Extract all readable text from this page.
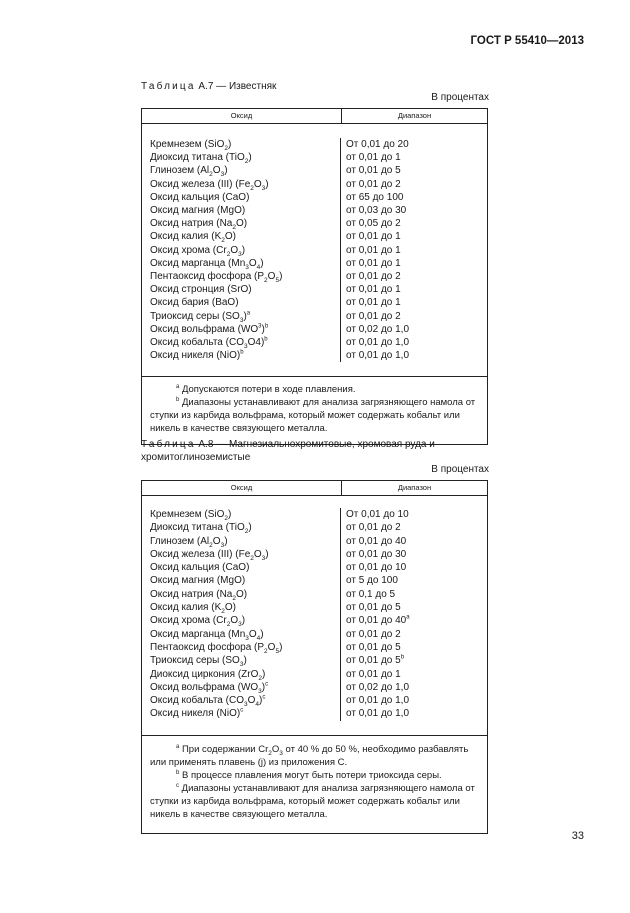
ГОСТ Р 55410—2013
Таблица А.7 — Известняк
В процентах
Оксид	Диапазон
Кремнезем (SiO$_2$)
Диоксид титана (TiO$_2$)
Глинозем $(Al_2O_3)$
Оксид железа (III) $(Fe_2O_3)$
Оксид кальция (CaO)
Оксид магния (MgO)
Оксид натрия $(Na_2O)$
Оксид калия $(K_2O)$
Оксид хрома $(Cr_2O_3)$
Оксид марганца $(Mn_3O_4)$
Пентаоксид фосфора $(P_2O_5)$
Оксид стронция (SrO)
Оксид бария (BaO)
Триоксид серы $(SO_3)^a$
Оксид вольфрама $(WO^3)^b$
Оксид кобальта $(CO_3O4)^b$
Оксид никеля (NiO)$^b$
От 0,01 до 20
от 0,01 до 1
от 0,01 до 5
от 0,01 до 2
от 65 до 100
от 0,03 до 30
от 0,05 до 2
от 0,01 до 1
от 0,01 до 1
от 0,01 до 1
от 0,01 до 2
от 0,01 до 1
от 0,01 до 1
от 0,01 до 2
от 0,02 до 1,0
от 0,01 до 1,0
от 0,01 до 1,0
$^a$ Допускаются потери в ходе плавления.
$^b$ Диапазоны устанавливают для анализа загрязняющего намола от ступки из карбида вольфрама, который может содержать кобальт или никель в качестве связующего металла.
Таблица А.8 — Магнезиальнохромитовые, хромовая руда и хромитоглиноземистые
В процентах
Оксид	Диапазон
Кремнезем (SiO$_2$)
Диоксид титана (TiO$_2$)
Глинозем $(Al_2O_3)$
Оксид железа (III) $(Fe_2O_3)$
Оксид кальция (CaO)
Оксид магния (MgO)
Оксид натрия $(Na_2O)$
Оксид калия $(K_2O)$
Оксид хрома $(Cr_2O_3)$
Оксид марганца $(Mn_3O_4)$
Пентаоксид фосфора $(P_2O_5)$
Триоксид серы $(SO_3)$
Диоксид циркония (ZrO$_2$)
Оксид вольфрама $(WO_3)^c$
Оксид кобальта $(CO_3O_4)^c$
Оксид никеля (NiO)$^c$
От 0,01 до 10
от 0,01 до 2
от 0,01 до 40
от 0,01 до 30
от 0,01 до 10
от 5 до 100
от 0,1 до 5
от 0,01 до 5
от 0,01 до 40$^a$
от 0,01 до 2
от 0,01 до 5
от 0,01 до 5$^b$
от 0,01 до 1
от 0,02 до 1,0
от 0,01 до 1,0
от 0,01 до 1,0
$^a$ При содержании $Cr_2O_3$ от 40 % до 50 %, необходимо разбавлять или применять плавень (j) из приложения С.
$^b$ В процессе плавления могут быть потери триоксида серы.
$^c$ Диапазоны устанавливают для анализа загрязняющего намола от ступки из карбида вольфрама, который может содержать кобальт или никель в качестве связующего металла.
33
